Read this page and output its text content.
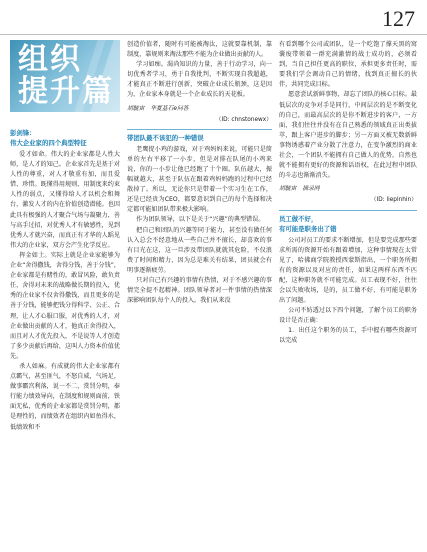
127
组织
提升篇
彭剑锋：
伟大企业家的四个典型特征

爱才如命。伟大的企业家都是人性大师，是人才的知己。企业家首先是基于对人性的尊重，对人才敬重有加，而且爱惜、珍惜。既懂得用规则、用制度来约束人性的弱点，又懂得给人才以机会和舞台，激发人才的内在价值创造潜能。也因此具有极强的人才聚合气场与凝聚力，善与高手过招，对优秀人才有敏感性，见到优秀人才就兴奋，而真正有才华的人蹈见伟大的企业家，双方会产生化学反应。

挥金如土。实际上就是企业家能够为企业“舍得撒钱，舍得分钱，善于分钱”，企业家都是有赌性的，敢冒风险，敢负责任，舍得对未来的战略做长期的投入，优秀的企业家不仅舍得撒钱，而且更多的是善于分钱，能够把钱分得科学、公正、合理，让人才心服口服，对优秀的人才，对企业做出贡献的人才，他真正舍得投入，而且对人才优先投入，不是说等人才创造了多少贡献后再给，这叫人力资本价值优先。

杀人如麻。有成就的伟大企业家都有点霸气，甚至匪气，不怒自威，气场足，做事霸宫利落，说一不二，赏罚分明，奉行能力绩效导向，在制度和规则面前，铁面无私，优秀的企业家都是赏罚分明，都是理性的，而绩效者在组织内如鱼得水，低绩效和不

创造价值者，随时有可能被淘汰，这就要靠机制，靠制度，靠规则来淘汰那些不能为企业做出贡献的人。

学习如痴。渴尚知识的力量，善于行动学习，向一切优秀者学习，勇于自我批判，不断实现自我超越，才能真正不断进行创新，突破企业成长瓶颈，这是因为，企业家本身就是一个企业成长的天花板。

胡毓宙　华夏基石e问答
（ID: chnstonewx）
带团队最不该犯的一种错误

老鹰捉小鸡的游戏，对于鸡妈妈来说，可能只是简单的左右平移了一小步，但是对排在队尾的小鸡来说，你的一小步让他已经跑了十个圈。队伍越大，振幅就越大，甚至于队伍在跟着鸡妈妈跑的过程中已经散掉了。所以，无论你只是带着一个实习生在工作，还是已经贵为CEO，都要意识到自己的每个选择和决定都可能如团队带来极大影响。

作为团队领导，以下是关于“兴趣”的典型错误。

把自己和团队的兴趣等同于能力，甚至没有做任何认入总会不经意地从一些自己并不擅长，却喜欢的事有目光在这，这一旦涉及带团队就就其危险，不仅浪费了时间和精力，因为总是难关有结果，团员就会有明事逐渐疲劳。

只对自己有兴趣的事情有热情，对于不感兴趣的事情完全提不起精神。团队领导者对一件事情的热情深深影响团队每个人的投入。我们从来没

有看到哪个公司或团队，是一个吃饱了撑天黑的窝囊废带领着一群充满激情的战士成功的，必须看到，当自己担任更高的职位，承担更多责任时，需要我们学会调动自己的情绪，找到真正擅长的伙伴，共同完成目标。

愿意尝试新鲜事物，却忘了团队的核心目标。最低层次的竞争对手是同行，中间层次的是不断变化的自己，而最高层次的是你不断进步的客户，一方面，我们往往并没有在自己熟悉的领域真正出类拔萃，跟上客户进步的脚步；另一方面又被无数新鲜事物诱惑着产业分散了注意力，在变争激烈的商业社会，一个团队不能拥有自己做人的优势，自然也就不能拥有更好的资源和话语权，在此过程中团队的斗志也渐渐消失。

胡毓宙　摘录网
（ID: lieplnhin）
员工做不好，
有可能是职务出了错

公司对员工的要求不断增加，但是要完成那些要求所需的资源开始有跟着增加，这种事情现在太常见了，哈佛商学院教授西蒙斯指出，一个职务所拥有的资源以及对应的责任，如果这两样东西不匹配，这种职务就不可能完成。员工表现不好，往往会以失败收场，是的，员工做不好，有可能是职务出了问题。

公司不妨透过以下四个问题，了解个员工的职务设计是否正确：

1．出任这个职务的员工，手中握有哪些资源可以完成
